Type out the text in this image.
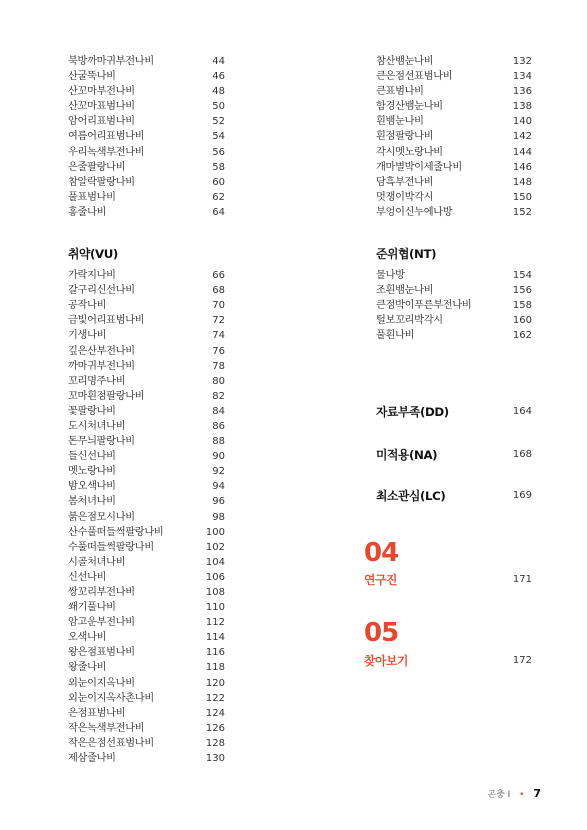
북방까마귀부전나비	44
산굴뚝나비	46
산꼬마부전나비	48
산꼬마표범나비	50
암어리표범나비	52
여름어리표범나비	54
우리녹색부전나비	56
은줄팔랑나비	58
참알락팔랑나비	60
풀표범나비	62
홍줄나비	64
취약(VU)
가락지나비	66
갈구리신선나비	68
공작나비	70
금빛어리표범나비	72
기생나비	74
깊은산부전나비	76
까마귀부전나비	78
꼬리명주나비	80
꼬마흰점팔랑나비	82
꽃팔랑나비	84
도시처녀나비	86
돈무늬팔랑나비	88
들신선나비	90
멧노랑나비	92
밤오색나비	94
봄처녀나비	96
붉은점모시나비	98
산수풀떠들썩팔랑나비	100
수풀떠들썩팔랑나비	102
시골처녀나비	104
신선나비	106
쌍꼬리부전나비	108
쐐기풀나비	110
암고운부전나비	112
오색나비	114
왕은점표범나비	116
왕줄나비	118
외눈이지옥나비	120
외눈이지옥사촌나비	122
은점표범나비	124
작은녹색부전나비	126
작은은점선표범나비	128
제삼줄나비	130
참산뱀눈나비	132
큰은점선표범나비	134
큰표범나비	136
함경산뱀눈나비	138
흰뱀눈나비	140
흰점팔랑나비	142
각시멧노랑나비	144
개마별박이세줄나비	146
담흑부전나비	148
멋쟁이박각시	150
부엉이신누에나방	152
준위협(NT)
물나방	154
조흰뱀눈나비	156
큰점박이푸른부전나비	158
털보꼬리박각시	160
풀흰나비	162
자료부족(DD)	164
미적용(NA)	168
최소관심(LC)	169
04
연구진	171
05
찾아보기	172
곤충 I • 7
